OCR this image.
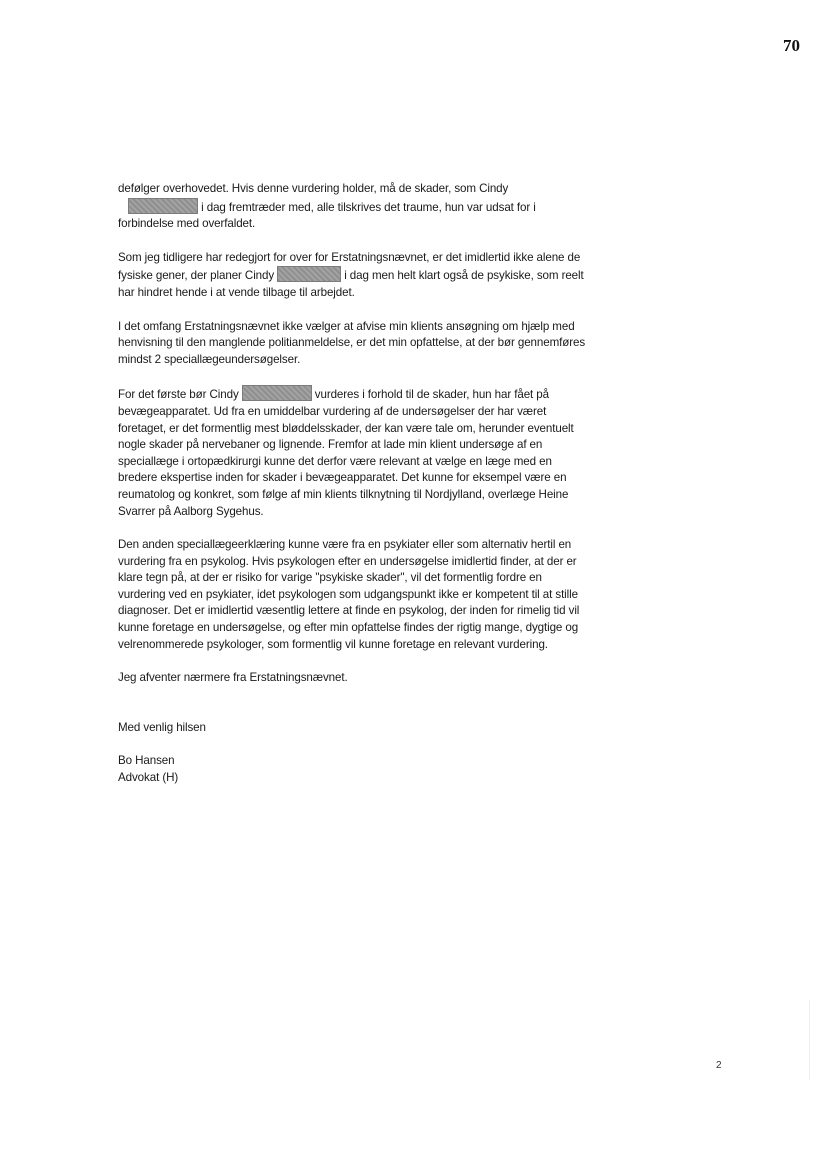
70

defølger overhovedet. Hvis denne vurdering holder, må de skader, som Cindy
i dag fremtræder med, alle tilskrives det traume, hun var udsat for i
forbindelse med overfaldet.

Som jeg tidligere har redegjort for over for Erstatningsnævnet, er det imidlertid ikke alene de fysiske gener, der planer Cindy	i dag men helt klart også de psykiske, som reelt har hindret hende i at vende tilbage til arbejdet.

I det omfang Erstatningsnævnet ikke vælger at afvise min klients ansøgning om hjælp med henvisning til den manglende politianmeldelse, er det min opfattelse, at der bør gennemføres mindst 2 speciallægeundersøgelser.

For det første bør Cindy	vurderes i forhold til de skader, hun har fået på bevægeapparatet. Ud fra en umiddelbar vurdering af de undersøgelser der har været foretaget, er det formentlig mest bløddelsskader, der kan være tale om, herunder eventuelt nogle skader på nervebaner og lignende. Fremfor at lade min klient undersøge af en speciallæge i ortopædkirurgi kunne det derfor være relevant at vælge en læge med en bredere ekspertise inden for skader i bevægeapparatet. Det kunne for eksempel være en reumatolog og konkret, som følge af min klients tilknytning til Nordjylland, overlæge Heine Svarrer på Aalborg Sygehus.

Den anden speciallægeerklæring kunne være fra en psykiater eller som alternativ hertil en vurdering fra en psykolog. Hvis psykologen efter en undersøgelse imidlertid finder, at der er klare tegn på, at der er risiko for varige "psykiske skader", vil det formentlig fordre en vurdering ved en psykiater, idet psykologen som udgangspunkt ikke er kompetent til at stille diagnoser. Det er imidlertid væsentlig lettere at finde en psykolog, der inden for rimelig tid vil kunne foretage en undersøgelse, og efter min opfattelse findes der rigtig mange, dygtige og velrenommerede psykologer, som formentlig vil kunne foretage en relevant vurdering.

Jeg afventer nærmere fra Erstatningsnævnet.

Med venlig hilsen

Bo Hansen

Advokat (H)

2
